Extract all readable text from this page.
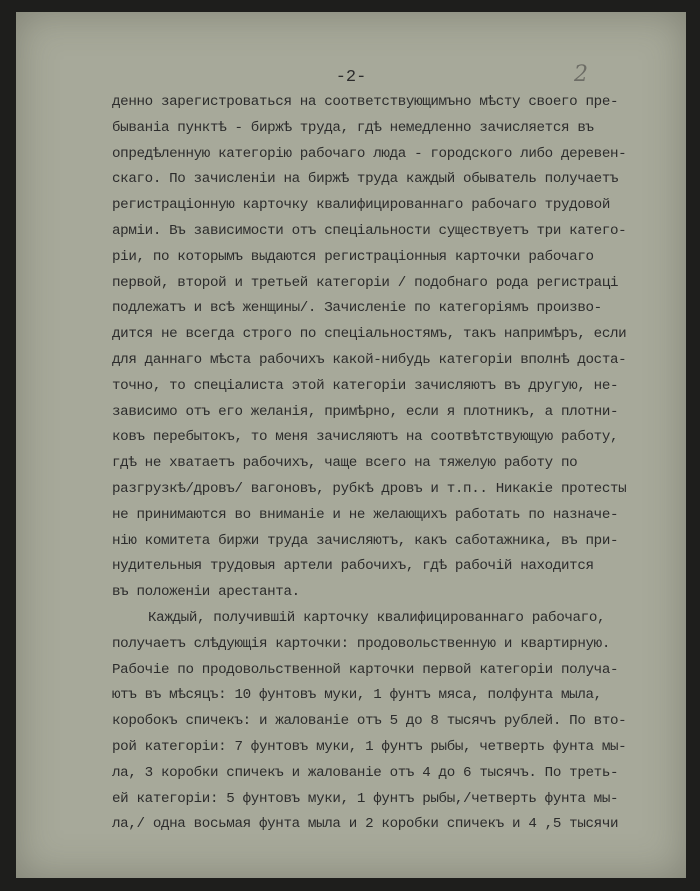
-2-	2
денно зарегистроваться на соответствующимъно мѣсту своего пре-
бываніа пунктѣ - биржѣ труда, гдѣ немедленно зачисляется въ
опредѣленную категорію рабочаго люда - городского либо деревен-
скаго. По зачисленіи на биржѣ труда каждый обыватель получаетъ
регистраціонную карточку квалифицированнаго рабочаго трудовой
арміи. Въ зависимости отъ спеціальности существуетъ три катего-
ріи, по которымъ выдаются регистраціонныя карточки рабочаго
первой, второй и третьей категоріи / подобнаго рода регистраці
подлежатъ и всѣ женщины/. Зачисленіе по категоріямъ произво-
дится не всегда строго по спеціальностямъ, такъ напримѣръ, если
для даннаго мѣста рабочихъ какой-нибудь категоріи вполнѣ доста-
точно, то спеціалиста этой категоріи зачисляютъ въ другую, не-
зависимо отъ его желанія, примѣрно, если я плотникъ, а плотни-
ковъ перебытокъ, то меня зачисляютъ на соотвѣтствующую работу,
гдѣ не хватаетъ рабочихъ, чаще всего на тяжелую работу по
разгрузкѣ/дровъ/ вагоновъ, рубкѣ дровъ и т.п.. Никакіе протесты
не принимаются во вниманіе и не желающихъ работать по назначе-
нію комитета биржи труда зачисляютъ, какъ саботажника, въ при-
нудительныя трудовыя артели рабочихъ, гдѣ рабочій находится
въ положеніи арестанта.
Каждый, получившій карточку квалифицированнаго рабочаго,
получаетъ слѣдующія карточки: продовольственную и квартирную.
Рабочіе по продовольственной карточки первой категоріи получа-
ютъ въ мѣсяцъ: 10 фунтовъ муки, 1 фунтъ мяса, полфунта мыла,
коробокъ спичекъ: и жалованіе отъ 5 до 8 тысячъ рублей. По вто-
рой категоріи: 7 фунтовъ муки, 1 фунтъ рыбы, четверть фунта мы-
ла, 3 коробки спичекъ и жалованіе отъ 4 до 6 тысячъ. По треть-
ей категоріи: 5 фунтовъ муки, 1 фунтъ рыбы,/четверть фунта мы-
ла,/ одна восьмая фунта мыла и 2 коробки спичекъ и 4 ,5 тысячи
